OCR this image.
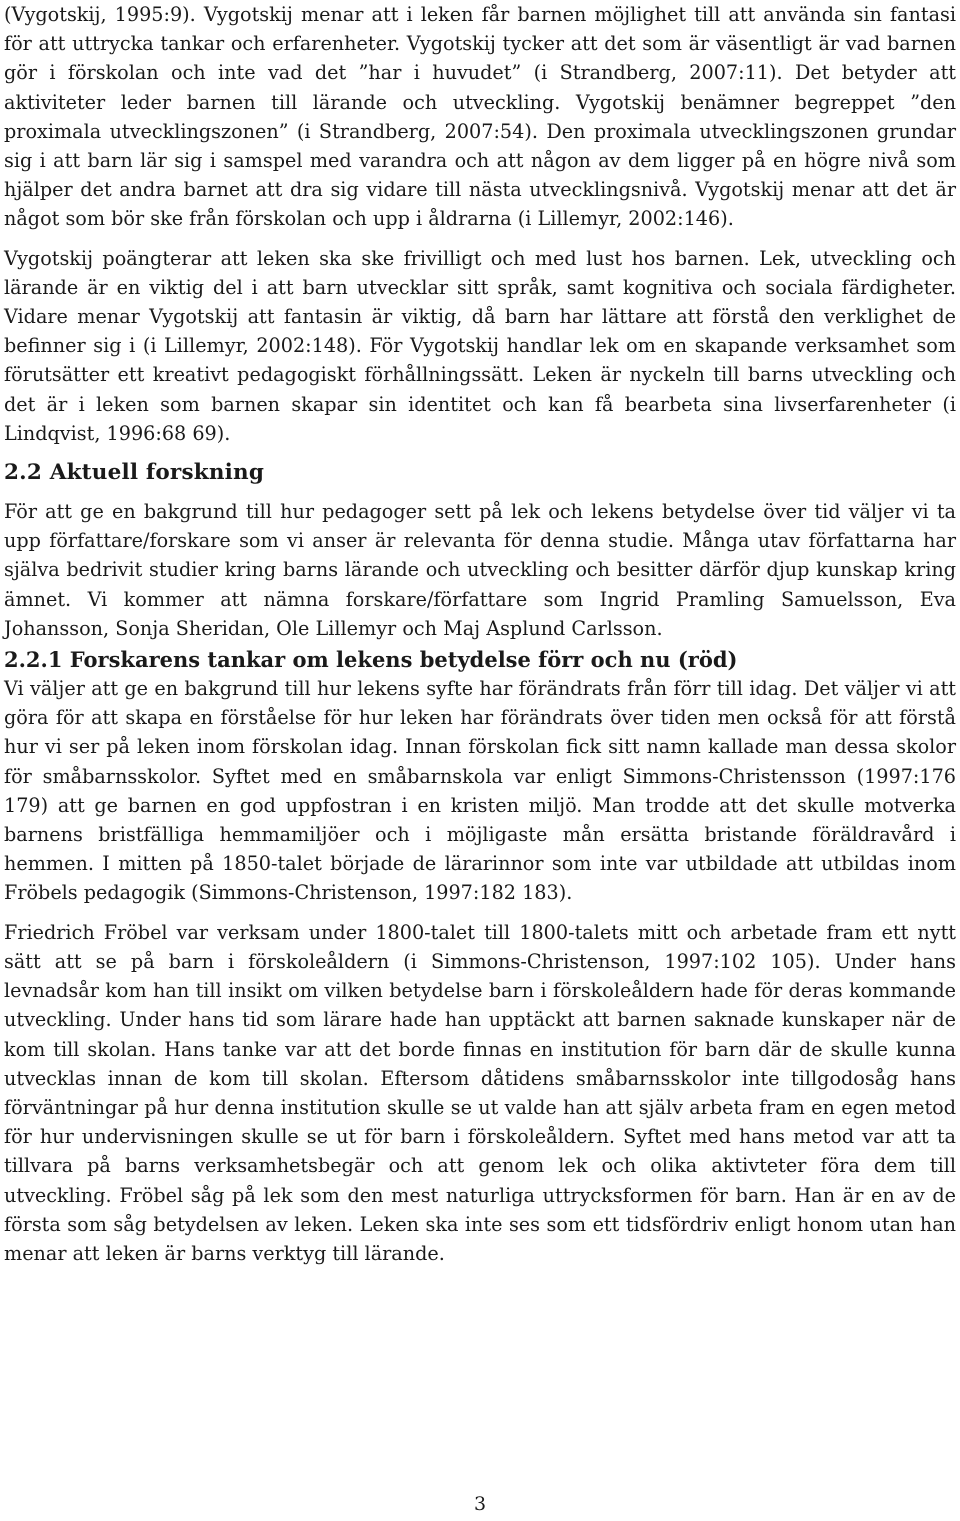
(Vygotskij, 1995:9). Vygotskij menar att i leken får barnen möjlighet till att använda sin fantasi för att uttrycka tankar och erfarenheter. Vygotskij tycker att det som är väsentligt är vad barnen gör i förskolan och inte vad det ”har i huvudet” (i Strandberg, 2007:11). Det betyder att aktiviteter leder barnen till lärande och utveckling. Vygotskij benämner begreppet ”den proximala utvecklingszonen” (i Strandberg, 2007:54). Den proximala utvecklingszonen grundar sig i att barn lär sig i samspel med varandra och att någon av dem ligger på en högre nivå som hjälper det andra barnet att dra sig vidare till nästa utvecklingsnivå. Vygotskij menar att det är något som bör ske från förskolan och upp i åldrarna (i Lillemyr, 2002:146).

Vygotskij poängterar att leken ska ske frivilligt och med lust hos barnen. Lek, utveckling och lärande är en viktig del i att barn utvecklar sitt språk, samt kognitiva och sociala färdigheter. Vidare menar Vygotskij att fantasin är viktig, då barn har lättare att förstå den verklighet de befinner sig i (i Lillemyr, 2002:148). För Vygotskij handlar lek om en skapande verksamhet som förutsätter ett kreativt pedagogiskt förhållningssätt. Leken är nyckeln till barns utveckling och det är i leken som barnen skapar sin identitet och kan få bearbeta sina livserfarenheter (i Lindqvist, 1996:68 69).

2.2 Aktuell forskning

För att ge en bakgrund till hur pedagoger sett på lek och lekens betydelse över tid väljer vi ta upp författare/forskare som vi anser är relevanta för denna studie. Många utav författarna har själva bedrivit studier kring barns lärande och utveckling och besitter därför djup kunskap kring ämnet. Vi kommer att nämna forskare/författare som Ingrid Pramling Samuelsson, Eva Johansson, Sonja Sheridan, Ole Lillemyr och Maj Asplund Carlsson.

2.2.1 Forskarens tankar om lekens betydelse förr och nu (röd)

Vi väljer att ge en bakgrund till hur lekens syfte har förändrats från förr till idag. Det väljer vi att göra för att skapa en förståelse för hur leken har förändrats över tiden men också för att förstå hur vi ser på leken inom förskolan idag. Innan förskolan fick sitt namn kallade man dessa skolor för småbarnsskolor. Syftet med en småbarnskola var enligt Simmons-Christensson (1997:176 179) att ge barnen en god uppfostran i en kristen miljö. Man trodde att det skulle motverka barnens bristfälliga hemmamiljöer och i möjligaste mån ersätta bristande föräldravård i hemmen. I mitten på 1850-talet började de lärarinnor som inte var utbildade att utbildas inom Fröbels pedagogik (Simmons-Christenson, 1997:182 183).

Friedrich Fröbel var verksam under 1800-talet till 1800-talets mitt och arbetade fram ett nytt sätt att se på barn i förskoleåldern (i Simmons-Christenson, 1997:102 105). Under hans levnadsår kom han till insikt om vilken betydelse barn i förskoleåldern hade för deras kommande utveckling. Under hans tid som lärare hade han upptäckt att barnen saknade kunskaper när de kom till skolan. Hans tanke var att det borde finnas en institution för barn där de skulle kunna utvecklas innan de kom till skolan. Eftersom dåtidens småbarnsskolor inte tillgodosåg hans förväntningar på hur denna institution skulle se ut valde han att själv arbeta fram en egen metod för hur undervisningen skulle se ut för barn i förskoleåldern. Syftet med hans metod var att ta tillvara på barns verksamhetsbegär och att genom lek och olika aktivteter föra dem till utveckling. Fröbel såg på lek som den mest naturliga uttrycksformen för barn. Han är en av de första som såg betydelsen av leken. Leken ska inte ses som ett tidsfördriv enligt honom utan han menar att leken är barns verktyg till lärande.

3
